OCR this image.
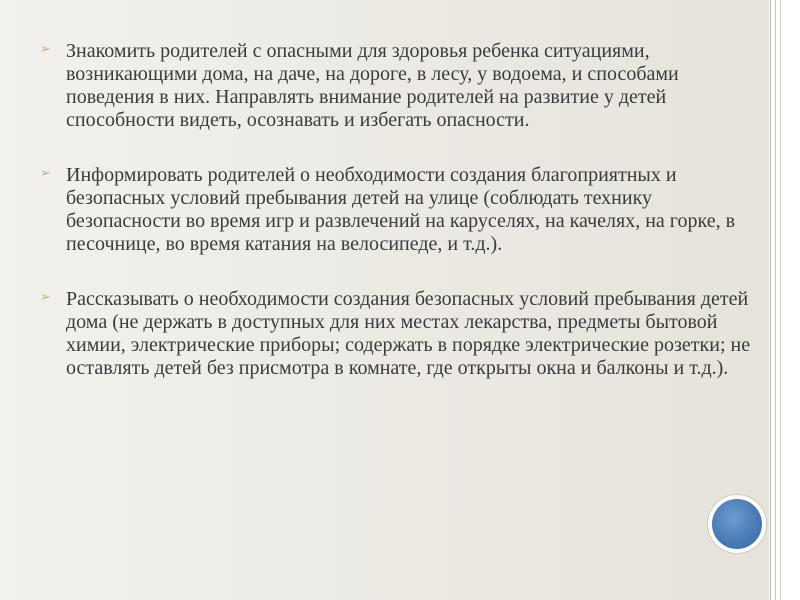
➢ Знакомить родителей с опасными для здоровья ребенка ситуациями, возникающими дома, на даче, на дороге, в лесу, у водоема, и способами поведения в них. Направлять внимание родителей на развитие у детей способности видеть, осознавать и избегать опасности.
➢ Информировать родителей о необходимости создания благоприятных и безопасных условий пребывания детей на улице (соблюдать технику безопасности во время игр и развлечений на каруселях, на качелях, на горке, в песочнице, во время катания на велосипеде, и т.д.).
➢ Рассказывать о необходимости создания безопасных условий пребывания детей дома (не держать в доступных для них местах лекарства, предметы бытовой химии, электрические приборы; содержать в порядке электрические розетки; не оставлять детей без присмотра в комнате, где открыты окна и балконы и т.д.).
